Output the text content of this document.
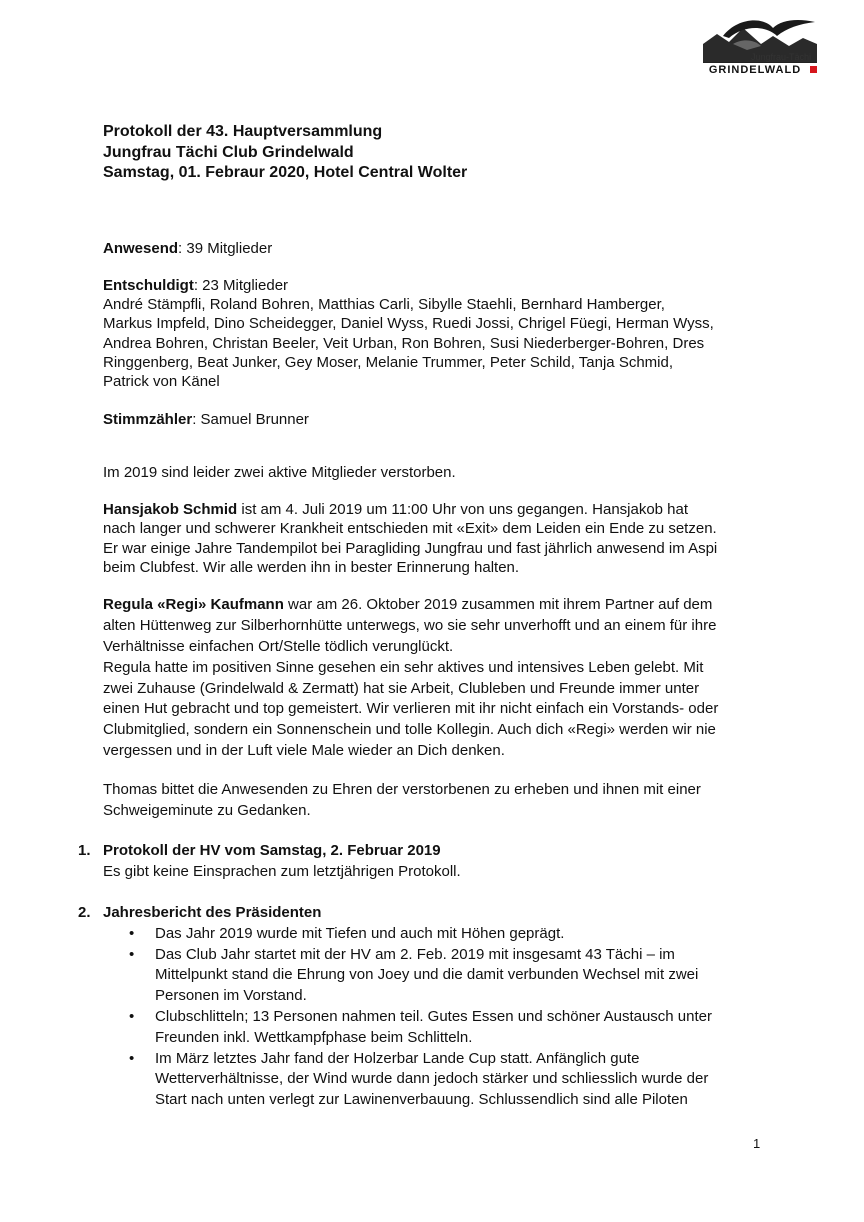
Jungfrau-Tächi
GRINDELWALD
Protokoll der 43. Hauptversammlung
Jungfrau Tächi Club Grindelwald
Samstag, 01. Febraur 2020, Hotel Central Wolter

Anwesend: 39 Mitglieder

Entschuldigt: 23 Mitglieder
André Stämpfli, Roland Bohren, Matthias Carli, Sibylle Staehli, Bernhard Hamberger,
Markus Impfeld, Dino Scheidegger, Daniel Wyss, Ruedi Jossi, Chrigel Füegi, Herman Wyss,
Andrea Bohren, Christan Beeler, Veit Urban, Ron Bohren, Susi Niederberger-Bohren, Dres
Ringgenberg, Beat Junker, Gey Moser, Melanie Trummer, Peter Schild, Tanja Schmid,
Patrick von Känel

Stimmzähler: Samuel Brunner

Im 2019 sind leider zwei aktive Mitglieder verstorben.

Hansjakob Schmid ist am 4. Juli 2019 um 11:00 Uhr von uns gegangen. Hansjakob hat
nach langer und schwerer Krankheit entschieden mit «Exit» dem Leiden ein Ende zu setzen.
Er war einige Jahre Tandempilot bei Paragliding Jungfrau und fast jährlich anwesend im Aspi
beim Clubfest. Wir alle werden ihn in bester Erinnerung halten.

Regula «Regi» Kaufmann war am 26. Oktober 2019 zusammen mit ihrem Partner auf dem
alten Hüttenweg zur Silberhornhütte unterwegs, wo sie sehr unverhofft und an einem für ihre
Verhältnisse einfachen Ort/Stelle tödlich verunglückt.
Regula hatte im positiven Sinne gesehen ein sehr aktives und intensives Leben gelebt. Mit
zwei Zuhause (Grindelwald & Zermatt) hat sie Arbeit, Clubleben und Freunde immer unter
einen Hut gebracht und top gemeistert. Wir verlieren mit ihr nicht einfach ein Vorstands- oder
Clubmitglied, sondern ein Sonnenschein und tolle Kollegin. Auch dich «Regi» werden wir nie
vergessen und in der Luft viele Male wieder an Dich denken.

Thomas bittet die Anwesenden zu Ehren der verstorbenen zu erheben und ihnen mit einer
Schweigeminute zu Gedanken.

1. Protokoll der HV vom Samstag, 2. Februar 2019
Es gibt keine Einsprachen zum letztjährigen Protokoll.
2. Jahresbericht des Präsidenten
• Das Jahr 2019 wurde mit Tiefen und auch mit Höhen geprägt.
• Das Club Jahr startet mit der HV am 2. Feb. 2019 mit insgesamt 43 Tächi – im
Mittelpunkt stand die Ehrung von Joey und die damit verbunden Wechsel mit zwei
Personen im Vorstand.
• Clubschlitteln; 13 Personen nahmen teil. Gutes Essen und schöner Austausch unter
Freunden inkl. Wettkampfphase beim Schlitteln.
• Im März letztes Jahr fand der Holzerbar Lande Cup statt. Anfänglich gute
Wetterverhältnisse, der Wind wurde dann jedoch stärker und schliesslich wurde der
Start nach unten verlegt zur Lawinenverbauung. Schlussendlich sind alle Piloten
1
